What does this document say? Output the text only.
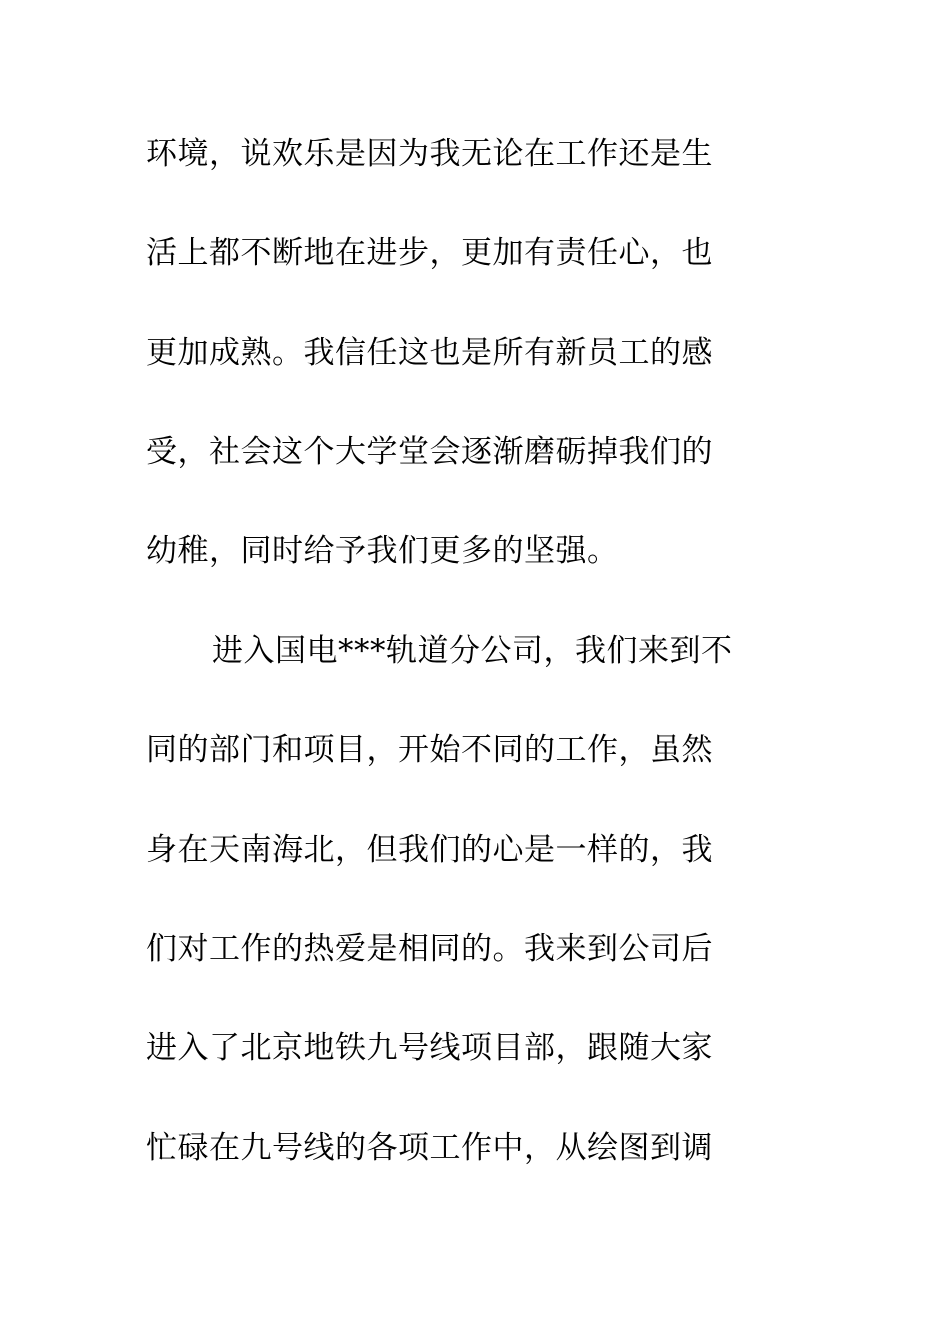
环境，说欢乐是因为我无论在工作还是生

活上都不断地在进步，更加有责任心，也

更加成熟。我信任这也是所有新员工的感

受，社会这个大学堂会逐渐磨砺掉我们的

幼稚，同时给予我们更多的坚强。

进入国电***轨道分公司，我们来到不

同的部门和项目，开始不同的工作，虽然

身在天南海北，但我们的心是一样的，我

们对工作的热爱是相同的。我来到公司后

进入了北京地铁九号线项目部，跟随大家

忙碌在九号线的各项工作中，从绘图到调
